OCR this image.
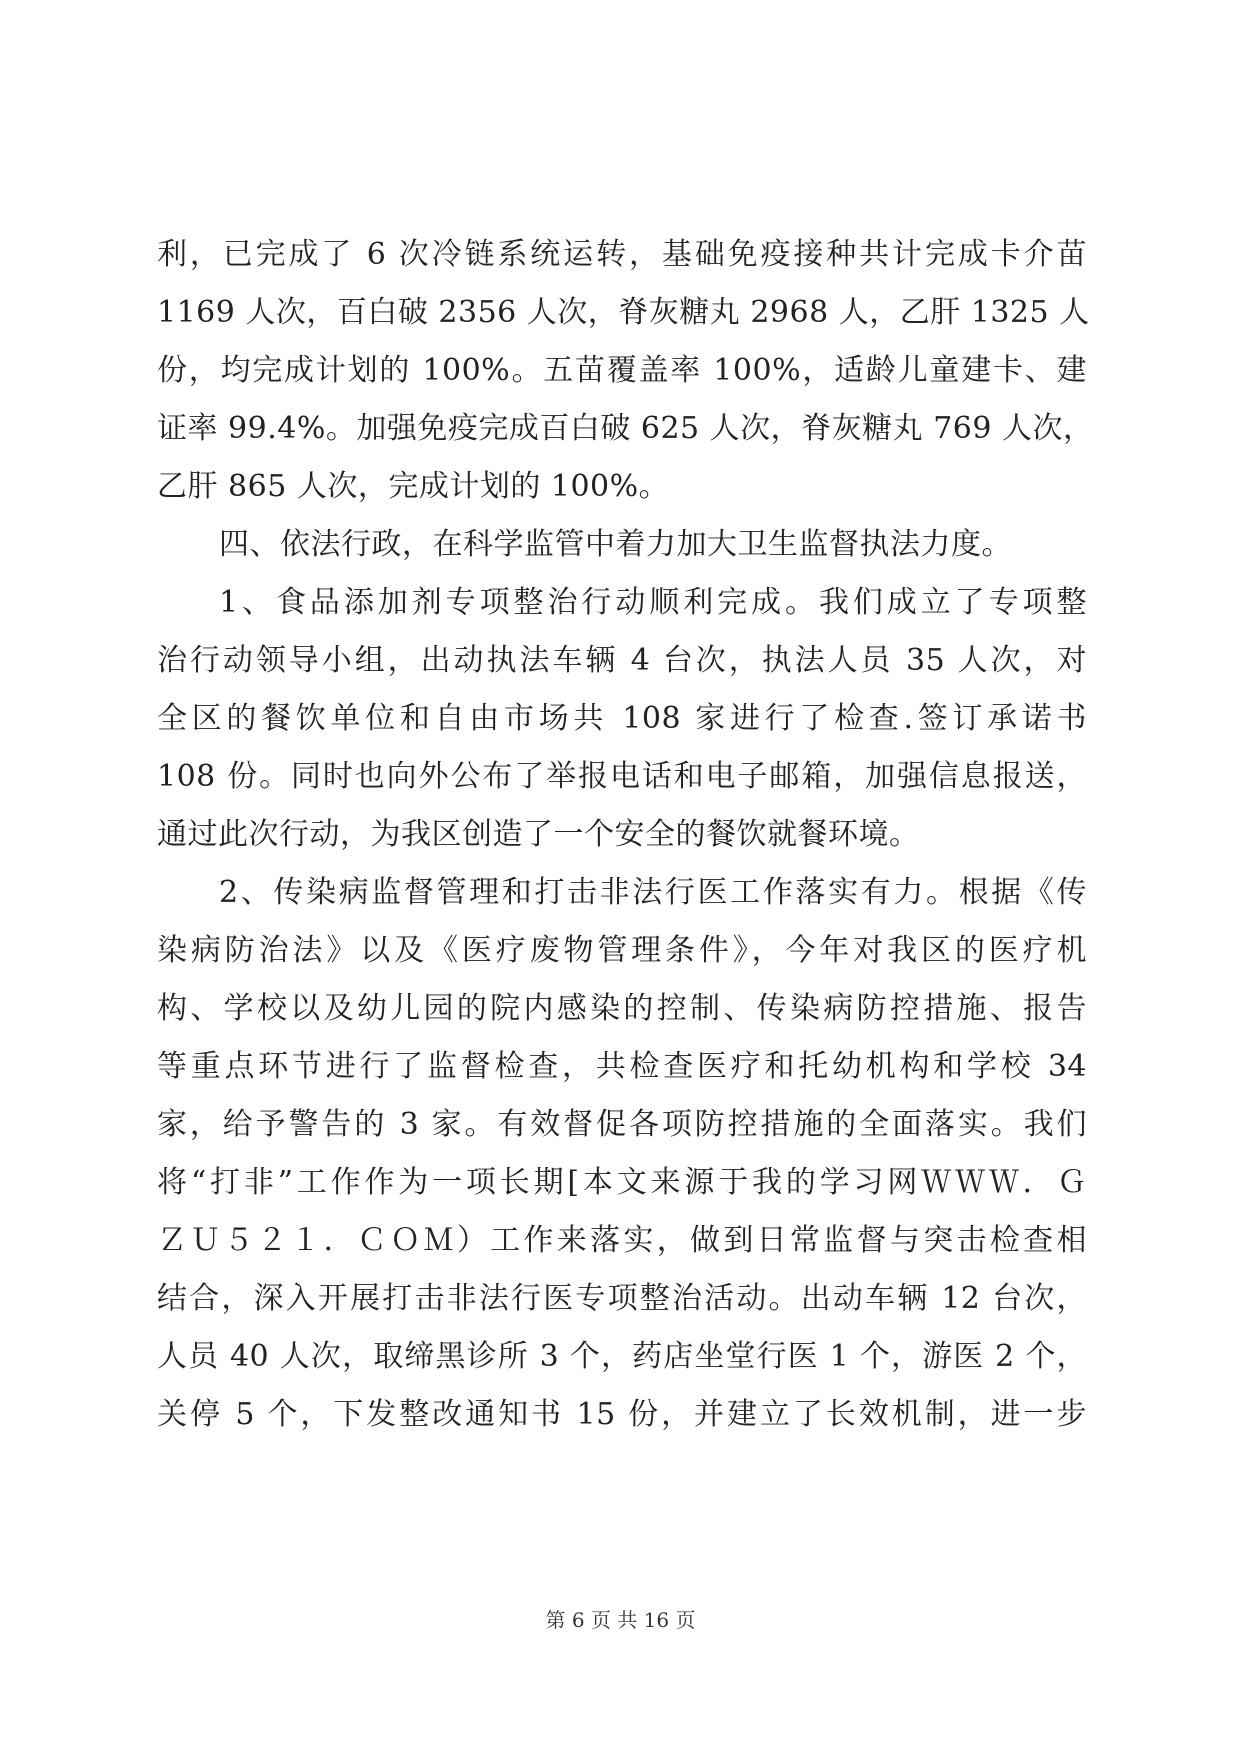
利，已完成了 6 次冷链系统运转，基础免疫接种共计完成卡介苗
1169 人次，百白破 2356 人次，脊灰糖丸 2968 人，乙肝 1325 人
份，均完成计划的 100%。五苗覆盖率 100%，适龄儿童建卡、建
证率 99.4%。加强免疫完成百白破 625 人次，脊灰糖丸 769 人次，
乙肝 865 人次，完成计划的 100%。
四、依法行政，在科学监管中着力加大卫生监督执法力度。
1、食品添加剂专项整治行动顺利完成。我们成立了专项整
治行动领导小组，出动执法车辆 4 台次，执法人员 35 人次，对
全区的餐饮单位和自由市场共 108 家进行了检查.签订承诺书
108 份。同时也向外公布了举报电话和电子邮箱，加强信息报送，
通过此次行动，为我区创造了一个安全的餐饮就餐环境。
2、传染病监督管理和打击非法行医工作落实有力。根据《传
染病防治法》以及《医疗废物管理条件》，今年对我区的医疗机
构、学校以及幼儿园的院内感染的控制、传染病防控措施、报告
等重点环节进行了监督检查，共检查医疗和托幼机构和学校 34
家，给予警告的 3 家。有效督促各项防控措施的全面落实。我们
将“打非”工作作为一项长期[本文来源于我的学习网ＷＷＷ．Ｇ
ＺＵ５２１．ＣＯＭ）工作来落实，做到日常监督与突击检查相
结合，深入开展打击非法行医专项整治活动。出动车辆 12 台次，
人员 40 人次，取缔黑诊所 3 个，药店坐堂行医 1 个，游医 2 个，
关停 5 个，下发整改通知书 15 份，并建立了长效机制，进一步
第 6 页 共 16 页
